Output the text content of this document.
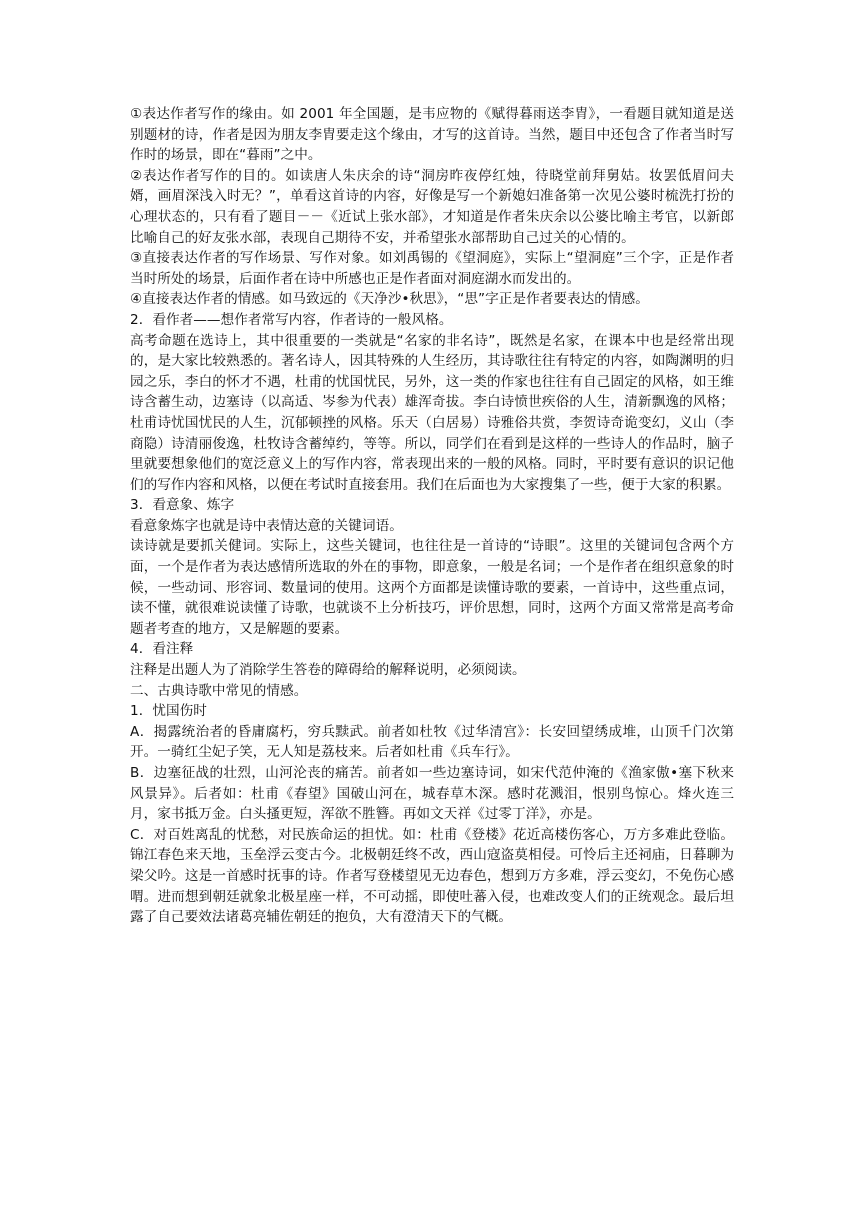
①表达作者写作的缘由。如 2001 年全国题，是韦应物的《赋得暮雨送李胄》，一看题目就知道是送别题材的诗，作者是因为朋友李胄要走这个缘由，才写的这首诗。当然，题目中还包含了作者当时写作时的场景，即在“暮雨”之中。

②表达作者写作的目的。如读唐人朱庆余的诗“洞房昨夜停红烛，待晓堂前拜舅姑。妆罢低眉问夫婿，画眉深浅入时无？”，单看这首诗的内容，好像是写一个新媳妇准备第一次见公婆时梳洗打扮的心理状态的，只有看了题目－－《近试上张水部》，才知道是作者朱庆余以公婆比喻主考官，以新郎比喻自己的好友张水部，表现自己期待不安，并希望张水部帮助自己过关的心情的。

③直接表达作者的写作场景、写作对象。如刘禹锡的《望洞庭》，实际上“望洞庭”三个字，正是作者当时所处的场景，后面作者在诗中所感也正是作者面对洞庭湖水而发出的。

④直接表达作者的情感。如马致远的《天净沙•秋思》，“思”字正是作者要表达的情感。

2．看作者——想作者常写内容，作者诗的一般风格。

高考命题在选诗上，其中很重要的一类就是“名家的非名诗”，既然是名家，在课本中也是经常出现的，是大家比较熟悉的。著名诗人，因其特殊的人生经历，其诗歌往往有特定的内容，如陶渊明的归园之乐，李白的怀才不遇，杜甫的忧国忧民，另外，这一类的作家也往往有自己固定的风格，如王维诗含蓄生动，边塞诗（以高适、岑参为代表）雄浑奇拔。李白诗愤世疾俗的人生，清新飘逸的风格；杜甫诗忧国忧民的人生，沉郁顿挫的风格。乐天（白居易）诗雅俗共赏，李贺诗奇诡变幻，义山（李商隐）诗清丽俊逸，杜牧诗含蓄绰约，等等。所以，同学们在看到是这样的一些诗人的作品时，脑子里就要想象他们的宽泛意义上的写作内容，常表现出来的一般的风格。同时，平时要有意识的识记他们的写作内容和风格，以便在考试时直接套用。我们在后面也为大家搜集了一些，便于大家的积累。

3．看意象、炼字

看意象炼字也就是诗中表情达意的关键词语。

读诗就是要抓关健词。实际上，这些关键词，也往往是一首诗的“诗眼”。这里的关键词包含两个方面，一个是作者为表达感情所选取的外在的事物，即意象，一般是名词；一个是作者在组织意象的时候，一些动词、形容词、数量词的使用。这两个方面都是读懂诗歌的要素，一首诗中，这些重点词，读不懂，就很难说读懂了诗歌，也就谈不上分析技巧，评价思想，同时，这两个方面又常常是高考命题者考查的地方，又是解题的要素。

4．看注释

注释是出题人为了消除学生答卷的障碍给的解释说明，必须阅读。

二、古典诗歌中常见的情感。

1．忧国伤时

A．揭露统治者的昏庸腐朽，穷兵黩武。前者如杜牧《过华清宫》：长安回望绣成堆，山顶千门次第开。一骑红尘妃子笑，无人知是荔枝来。后者如杜甫《兵车行》。

B．边塞征战的壮烈，山河沦丧的痛苦。前者如一些边塞诗词，如宋代范仲淹的《渔家傲•塞下秋来风景异》。后者如：杜甫《春望》国破山河在，城春草木深。感时花溅泪，恨别鸟惊心。烽火连三月，家书抵万金。白头搔更短，浑欲不胜簪。再如文天祥《过零丁洋》，亦是。

C．对百姓离乱的忧愁，对民族命运的担忧。如：杜甫《登楼》花近高楼伤客心，万方多难此登临。锦江春色来天地，玉垒浮云变古今。北极朝廷终不改，西山寇盗莫相侵。可怜后主还祠庙，日暮聊为梁父吟。这是一首感时抚事的诗。作者写登楼望见无边春色，想到万方多难，浮云变幻，不免伤心感喟。进而想到朝廷就象北极星座一样，不可动摇，即使吐蕃入侵，也难改变人们的正统观念。最后坦露了自己要效法诸葛亮辅佐朝廷的抱负，大有澄清天下的气概。
